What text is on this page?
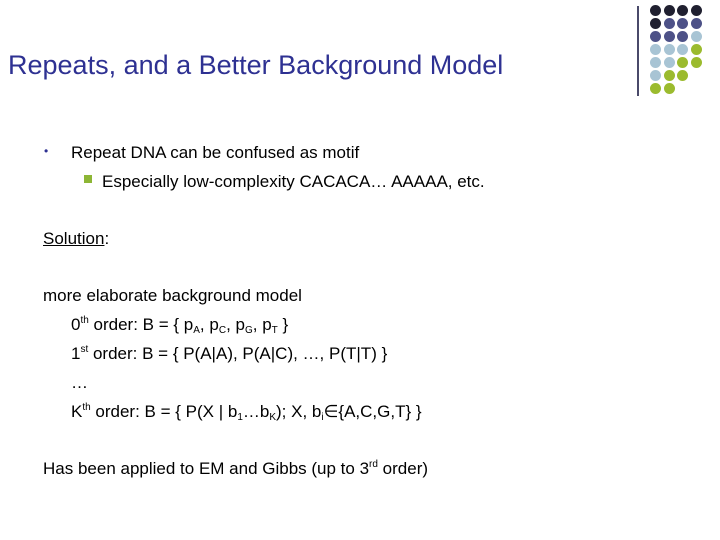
Repeats, and a Better Background Model
• Repeat DNA can be confused as motif
Especially low-complexity CACACA… AAAAA, etc.
Solution:
more elaborate background model
0th order: B = { $p_A$, $p_C$, $p_G$, $p_T$ }
1st order: B = { P(A|A), P(A|C), …, P(T|T) }
…
$K^{th}$ order: B = { P(X | $b_1\dots b_K$); X, $b_i\in\{A,C,G,T\}$ }
Has been applied to EM and Gibbs (up to 3rd order)
